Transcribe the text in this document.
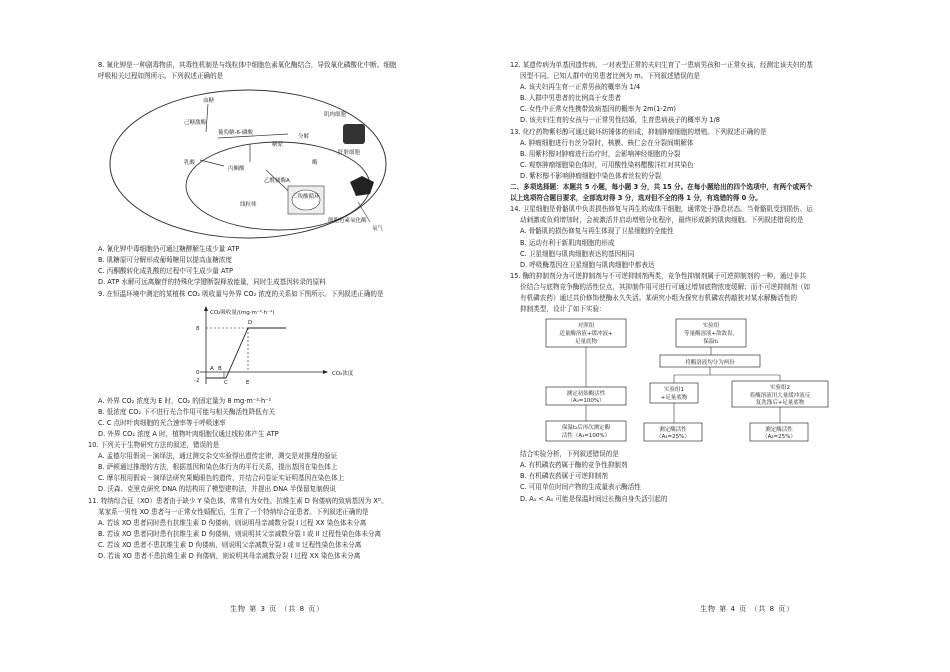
8. 氰化钾是一种剧毒物质，其毒性机制是与线粒体中细胞色素氧化酶结合，导致氧化磷酸化中断。细胞

呼吸相关过程如图所示。下列叙述正确的是

血糖
葡萄糖-6-磷酸
糖原
乳酸
丙酮酸
乙酰辅酶A
三羧酸循环
肌肉细胞
肝脏细胞
氧气
分解
己糖激酶
酶
线粒体
细胞色素氧化酶

A. 氰化钾中毒细胞仍可通过糖酵解生成少量 ATP

B. 肌糖原可分解形成葡萄糖用以提高血糖浓度

C. 丙酮酸转化成乳酸的过程中可生成少量 ATP

D. ATP 水解可远离腺苷的特殊化学键断裂释放能量，同时生成基因转录的原料

9. 在恒温环境中测定的某植株 CO₂ 吸收量与外界 CO₂ 浓度的关系如下图所示。下列叙述正确的是

CO₂吸收量/(mg·m⁻²·h⁻¹)
CO₂浓度
8
0
-2
A B
C
D
E

A. 外界 CO₂ 浓度为 E 时，CO₂ 的固定量为 8 mg·m⁻²·h⁻¹

B. 低浓度 CO₂ 下不进行光合作用可能与相关酶活性降低有关

C. C 点时叶肉细胞的光合速率等于呼吸速率

D. 外界 CO₂ 浓度 A 时，植物叶肉细胞仅通过线粒体产生 ATP

10. 下列关于生物研究方法的叙述，错误的是

A. 孟德尔用假说－演绎法，通过测交杂交实验得出遗传定律，测交是对推理的验证

B. 萨顿通过推理的方法，根据基因和染色体行为的平行关系，提出基因在染色体上

C. 摩尔根用假说－演绎法研究果蝇眼色的遗传，并结合问卷证实证明基因在染色体上

D. 沃森、克里克研究 DNA 的结构用了模型建构法，并提出 DNA 半保留复制假说

11. 特纳综合征（XO）患者由于缺少 Y 染色体，常常有为女性。抗维生素 D 佝偻病的致病基因为 Xᴰ。

某家系一男性 XO 患者与一正常女性婚配后，生育了一个特纳综合征患者。下列叙述正确的是

A. 若该 XO 患者同时患有抗维生素 D 佝偻病，则说明母亲减数分裂 I 过程 XX 染色体未分离

B. 若该 XO 患者同时患有抗维生素 D 佝偻病，则说明其父亲减数分裂 I 或 II 过程性染色体未分离

C. 若该 XO 患者不患抗维生素 D 佝偻病，则说明父亲减数分裂 I 或 II 过程性染色体未分离

D. 若该 XO 患者不患抗维生素 D 佝偻病，则说明其母亲减数分裂 I 过程 XX 染色体未分离

生物 第 3 页 （共 8 页）

12. 某遗传病为单基因遗传病，一对表型正常的夫妇生育了一患病男孩和一正常女孩，经测定该夫妇的基

因型不同。已知人群中的男患者比例为 m。下列叙述错误的是

A. 该夫妇再生育一正常男孩的概率为 1/4

B. 人群中男患者的比例高于女患者

C. 女性中正常女性携带致病基因的概率为 2m(1-2m)

D. 该夫妇生育的女孩与一正常男性结婚，生育患病孩子的概率为 1/8

13. 化疗药物紫杉醇可通过破坏纺锤体的形成，抑制肿瘤细胞的增殖。下列叙述正确的是

A. 肿瘤细胞进行有丝分裂时，核膜、核仁会在分裂间期解体

B. 用紫杉醇对肿瘤进行治疗时，会影响神经细胞的分裂

C. 观察肿瘤细胞染色体时，可用酸性染料醋酸洋红对其染色

D. 紫杉醇不影响肿瘤细胞中染色体着丝粒的分裂

二、多项选择题：本题共 5 小题，每小题 3 分，共 15 分。在每小题给出的四个选项中，有两个或两个

以上选项符合题目要求，全部选对得 3 分，选对但不全的得 1 分，有选错的得 0 分。

14. 卫星细胞是骨骼肌中负责损伤修复与再生的成体干细胞，通常处于静息状态。当骨骼肌受到损伤、运

动刺激或负荷增加时，会被激活并启动增殖分化程序，最终形成新的肌肉细胞。下列叙述错误的是

A. 骨骼肌的损伤修复与再生体现了卫星细胞的全能性

B. 运动有利于新肌肉细胞的形成

C. 卫星细胞与肌肉细胞表达的基因相同

D. 呼吸酶基因在卫星细胞与肌肉细胞中都表达

15. 酶的抑制剂分为可逆抑制剂与不可逆抑制剂两类，竞争性抑制剂属于可逆抑制剂的一种，通过非共

价结合与底物竞争酶的活性位点，其抑制作用可进行可通过增加底物浓度缓解；而不可逆抑制剂（如

有机磷农药）通过共价修饰使酶永久失活。某研究小组为探究有机磷农药敲狭对某水解酶活性的

抑制类型，设计了如下实验：

对照组
适量酶溶液+缓冲液+
足量底物
实验组
等量酶溶液+敌敌畏，
保温t₁
将酶溶液均分为两份
测定初始酶活性
（A₀=100%）
实验组1
+足量底物
实验组2
将酶溶液用大量缓冲液反
复洗涤后+足量底物
保温t₂后再次测定酶
活性（A₁=100%）
测定酶活性
（A₂=25%）
测定酶活性
（A₃=25%）

结合实验分析，下列叙述错误的是

A. 有机磷农药属于酶的竞争性抑制剂

B. 有机磷农药属于可逆抑制剂

C. 可用单位时间产物的生成量表示酶活性

D. A₁ < A₀ 可能是保温时间过长酶自身失活引起的

生物 第 4 页 （共 8 页）
